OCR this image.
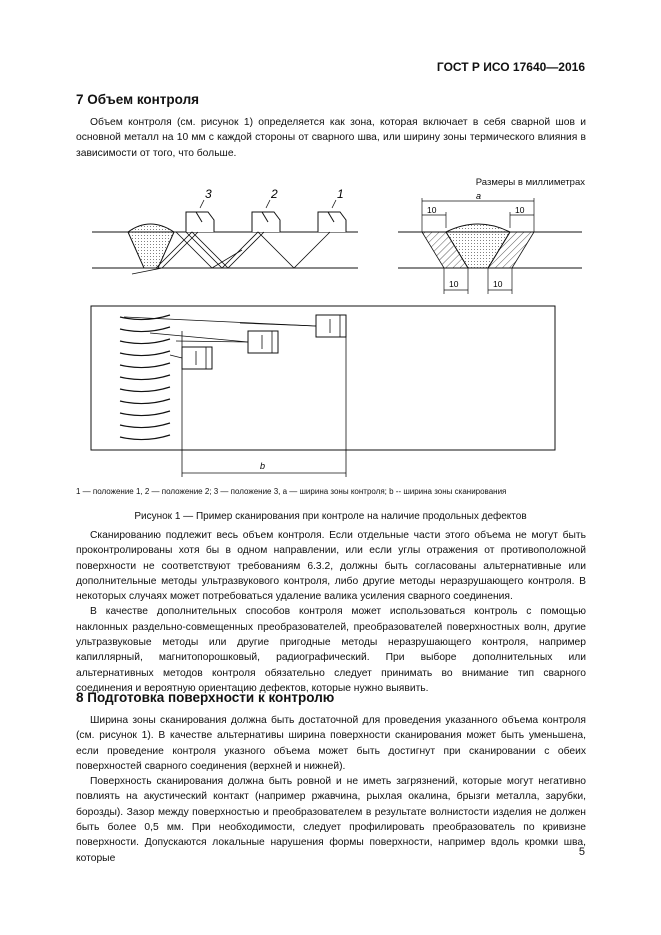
ГОСТ Р ИСО 17640—2016
7 Объем контроля

Объем контроля (см. рисунок 1) определяется как зона, которая включает в себя сварной шов и основной металл на 10 мм с каждой стороны от сварного шва, или ширину зоны термического влияния в зависимости от того, что больше.

Размеры в миллиметрах
3	2	1	a
10	10
10	10
b
1 — положение 1, 2 — положение 2; 3 — положение 3, a — ширина зоны контроля; b -- ширина зоны сканирования
Рисунок 1 — Пример сканирования при контроле на наличие продольных дефектов

Сканированию подлежит весь объем контроля. Если отдельные части этого объема не могут быть проконтролированы хотя бы в одном направлении, или если углы отражения от противоположной поверхности не соответствуют требованиям 6.3.2, должны быть согласованы альтернативные или дополнительные методы ультразвукового контроля, либо другие методы неразрушающего контроля. В некоторых случаях может потребоваться удаление валика усиления сварного соединения.

В качестве дополнительных способов контроля может использоваться контроль с помощью наклонных раздельно-совмещенных преобразователей, преобразователей поверхностных волн, другие ультразвуковые методы или другие пригодные методы неразрушающего контроля, например капиллярный, магнитопорошковый, радиографический. При выборе дополнительных или альтернативных методов контроля обязательно следует принимать во внимание тип сварного соединения и вероятную ориентацию дефектов, которые нужно выявить.

8 Подготовка поверхности к контролю

Ширина зоны сканирования должна быть достаточной для проведения указанного объема контроля (см. рисунок 1). В качестве альтернативы ширина поверхности сканирования может быть уменьшена, если проведение контроля указного объема может быть достигнут при сканировании с обеих поверхностей сварного соединения (верхней и нижней).

Поверхность сканирования должна быть ровной и не иметь загрязнений, которые могут негативно повлиять на акустический контакт (например ржавчина, рыхлая окалина, брызги металла, зарубки, борозды). Зазор между поверхностью и преобразователем в результате волнистости изделия не должен быть более 0,5 мм. При необходимости, следует профилировать преобразователь по кривизне поверхности. Допускаются локальные нарушения формы поверхности, например вдоль кромки шва, которые

5
